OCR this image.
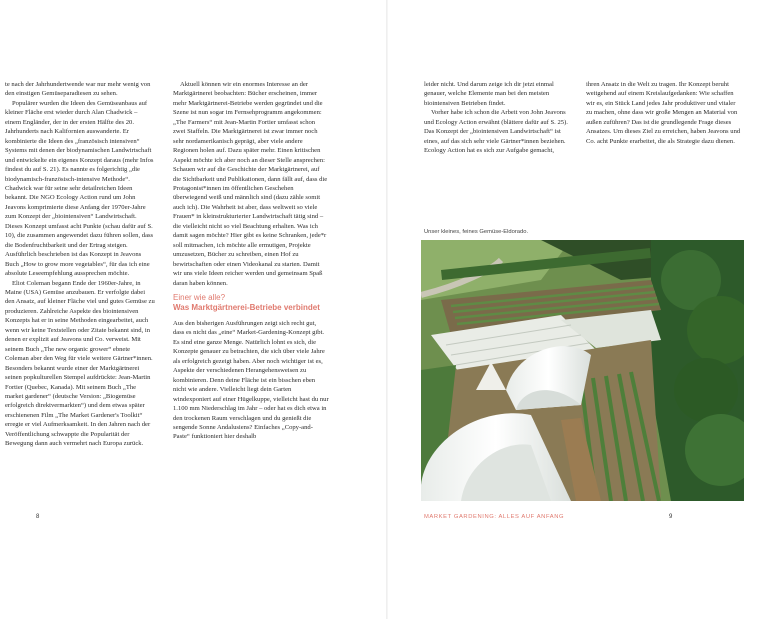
te nach der Jahrhundertwende war nur mehr wenig von den einstigen Gemüseparadiesen zu sehen.

Populärer wurden die Ideen des Gemüseanbaus auf kleiner Fläche erst wieder durch Alan Chadwick – einem Engländer, der in der ersten Hälfte des 20. Jahrhunderts nach Kalifornien auswanderte. Er kombinierte die Ideen des „französisch intensiven“ Systems mit denen der biodynamischen Landwirtschaft und entwickelte ein eigenes Konzept daraus (mehr Infos findest du auf S. 21). Es nannte es folgerichtig „die biodynamisch-französisch-intensive Methode“. Chadwick war für seine sehr detailreichen Ideen bekannt. Die NGO Ecology Action rund um John Jeavons komprimierte diese Anfang der 1970er-Jahre zum Konzept der „biointensiven“ Landwirtschaft. Dieses Konzept umfasst acht Punkte (schau dafür auf S. 10), die zusammen angewendet dazu führen sollen, dass die Bodenfruchtbarkeit und der Ertrag steigen. Ausführlich beschrieben ist das Konzept in Jeavons Buch „How to grow more vegetables“, für das ich eine absolute Leseempfehlung aussprechen möchte.

Eliot Coleman begann Ende der 1960er-Jahre, in Maine (USA) Gemüse anzubauen. Er verfolgte dabei den Ansatz, auf kleiner Fläche viel und gutes Gemüse zu produzieren. Zahlreiche Aspekte des biointensiven Konzepts hat er in seine Methoden eingearbeitet, auch wenn wir keine Textstellen oder Zitate bekannt sind, in denen er explizit auf Jeavons und Co. verweist. Mit seinem Buch „The new organic grower“ ebnete Coleman aber den Weg für viele weitere Gärtner*innen. Besonders bekannt wurde einer der Marktgärtnerei seinen popkulturellen Stempel aufdrückte: Jean-Martin Fortier (Quebec, Kanada). Mit seinem Buch „The market gardener“ (deutsche Version: „Biogemüse erfolgreich direktvermarkten“) und dem etwas später erschienenen Film „The Market Gardener's Toolkit“ erregte er viel Aufmerksamkeit. In den Jahren nach der Veröffentlichung schwappte die Popularität der Bewegung dann auch vermehrt nach Europa zurück.

Aktuell können wir ein enormes Interesse an der Marktgärtnerei beobachten: Bücher erscheinen, immer mehr Marktgärtnerei-Betriebe werden gegründet und die Szene ist nun sogar im Fernsehprogramm angekommen: „The Farmers“ mit Jean-Martin Fortier umfasst schon zwei Staffeln. Die Marktgärtnerei ist zwar immer noch sehr nordamerikanisch geprägt, aber viele andere Regionen holen auf. Dazu später mehr. Einen kritischen Aspekt möchte ich aber noch an dieser Stelle ansprechen: Schauen wir auf die Geschichte der Marktgärtnerei, auf die Sichtbarkeit und Publikationen, dann fällt auf, dass die Protagonist*innen im öffentlichen Geschehen überwiegend weiß und männlich sind (dazu zähle somit auch ich). Die Wahrheit ist aber, dass weltweit so viele Frauen* in kleinstrukturierter Landwirtschaft tätig sind – die vielleicht nicht so viel Beachtung erhalten. Was ich damit sagen möchte? Hier gibt es keine Schranken, jede*r soll mitmachen, ich möchte alle ermutigen, Projekte umzusetzen, Bücher zu schreiben, einen Hof zu bewirtschaften oder einen Videokanal zu starten. Damit wir uns viele Ideen reicher werden und gemeinsam Spaß daran haben können.

Einer wie alle?
Was Marktgärtnerei-Betriebe verbindet

Aus den bisherigen Ausführungen zeigt sich recht gut, dass es nicht das „eine“ Market-Gardening-Konzept gibt. Es sind eine ganze Menge. Natürlich lohnt es sich, die Konzepte genauer zu betrachten, die sich über viele Jahre als erfolgreich gezeigt haben. Aber noch wichtiger ist es, Aspekte der verschiedenen Herangehensweisen zu kombinieren. Denn deine Fläche ist ein bisschen eben nicht wie andere. Vielleicht liegt dein Garten windexponiert auf einer Hügelkuppe, vielleicht hast du nur 1.100 mm Niederschlag im Jahr – oder hat es dich etwa in den trockenen Raum verschlagen und du genießt die sengende Sonne Andalusiens? Einfaches „Copy-and-Paste“ funktioniert hier deshalb

8

leider nicht. Und darum zeige ich dir jetzt einmal genauer, welche Elemente man bei den meisten biointensiven Betrieben findet.

Vorher habe ich schon die Arbeit von John Jeavons und Ecology Action erwähnt (blättere dafür auf S. 25). Das Konzept der „biointensiven Landwirtschaft“ ist eines, auf das sich sehr viele Gärtner*innen beziehen. Ecology Action hat es sich zur Aufgabe gemacht,

ihren Ansatz in die Welt zu tragen. Ihr Konzept beruht weitgehend auf einem Kreislaufgedanken: Wie schaffen wir es, ein Stück Land jedes Jahr produktiver und vitaler zu machen, ohne dass wir große Mengen an Material von außen zuführen? Das ist die grundlegende Frage dieses Ansatzes. Um dieses Ziel zu erreichen, haben Jeavons und Co. acht Punkte erarbeitet, die als Strategie dazu dienen.

Unser kleines, feines Gemüse-Eldorado.
MARKET GARDENING: ALLES AUF ANFANG	9
